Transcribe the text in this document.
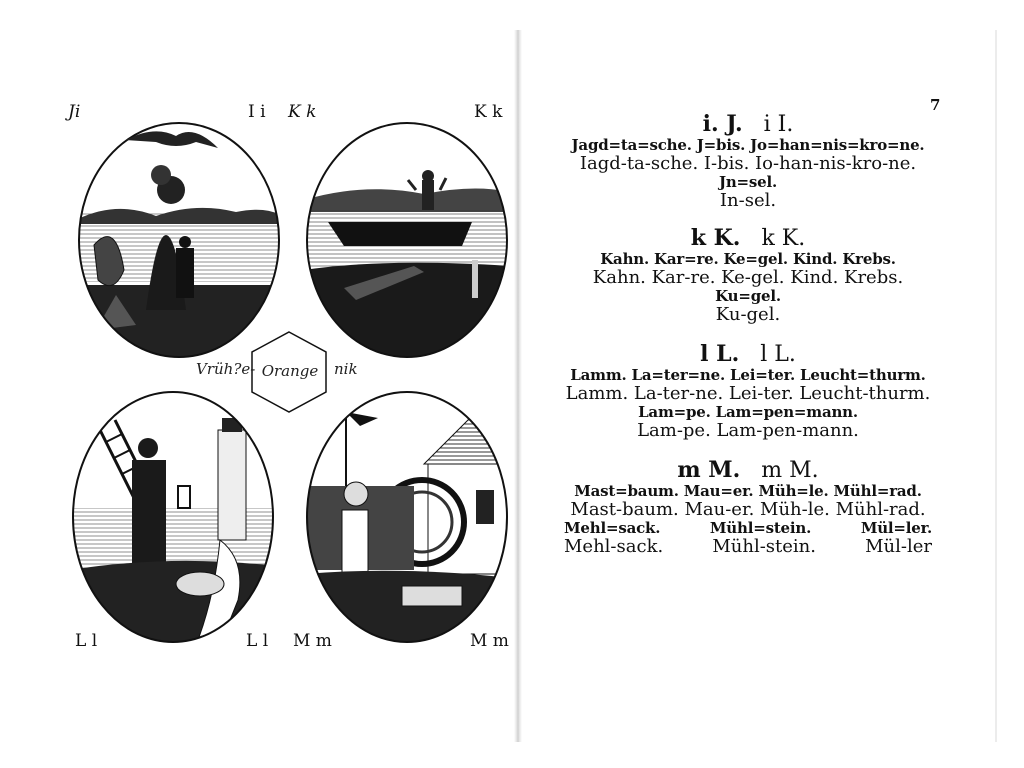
Ji	I i K k	K k
L l	L l M m	M m
Vrüh?e- Orange	nik
7
i. J. i I.
Jagd=ta=sche. J=bis. Jo=han=nis=kro=ne.
Iagd-ta-sche. I-bis. Io-han-nis-kro-ne.
Jn=sel.
In-sel.
k K. k K.
Kahn. Kar=re. Ke=gel. Kind. Krebs.
Kahn. Kar-re. Ke-gel. Kind. Krebs.
Ku=gel.
Ku-gel.
l L. l L.
Lamm. La=ter=ne. Lei=ter. Leucht=thurm.
Lamm. La-ter-ne. Lei-ter. Leucht-thurm.
Lam=pe. Lam=pen=mann.
Lam-pe. Lam-pen-mann.
m M. m M.
Mast=baum. Mau=er. Müh=le. Mühl=rad.
Mast-baum. Mau-er. Müh-le. Mühl-rad.
Mehl=sack.	Mühl=stein.	Mül=ler.
Mehl-sack.	Mühl-stein.	Mül-ler
